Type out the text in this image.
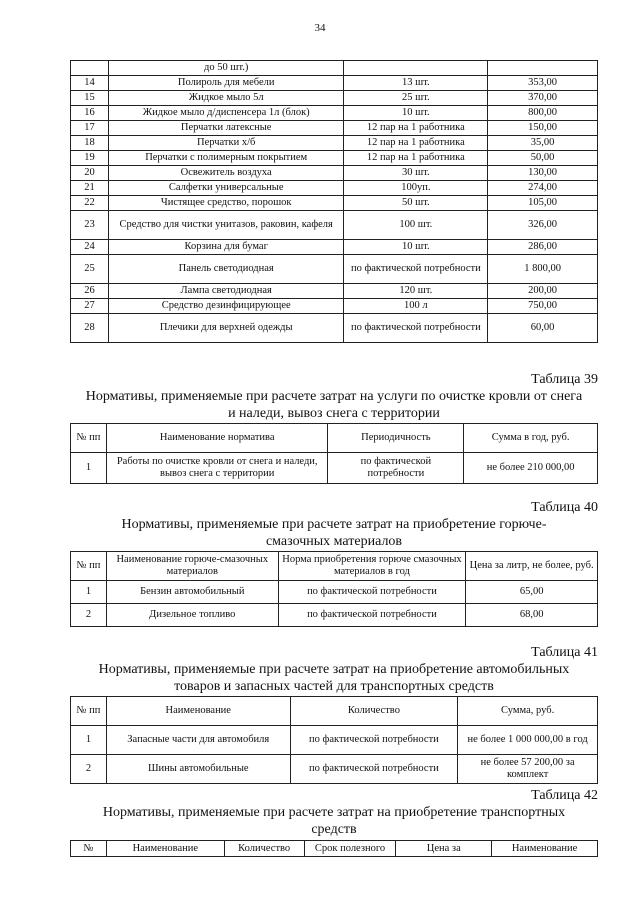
34
	до 50 шт.)		
14	Полироль для мебели	13 шт.	353,00
15	Жидкое мыло 5л	25 шт.	370,00
16	Жидкое мыло д/диспенсера 1л (блок)	10 шт.	800,00
17	Перчатки латексные	12 пар на 1 работника	150,00
18	Перчатки х/б	12 пар на 1 работника	35,00
19	Перчатки с полимерным покрытием	12 пар на 1 работника	50,00
20	Освежитель воздуха	30 шт.	130,00
21	Салфетки универсальные	100уп.	274,00
22	Чистящее средство, порошок	50 шт.	105,00
23	Средство для чистки унитазов, раковин, кафеля	100 шт.	326,00
24	Корзина для бумаг	10 шт.	286,00
25	Панель светодиодная	по фактической потребности	1 800,00
26	Лампа светодиодная	120 шт.	200,00
27	Средство дезинфицирующее	100 л	750,00
28	Плечики для верхней одежды	по фактической потребности	60,00
Таблица 39
Нормативы, применяемые при расчете затрат на услуги по очистке кровли от снега и наледи, вывоз снега с территории
№ пп	Наименование норматива	Периодичность	Сумма в год, руб.
1	Работы по очистке кровли от снега и наледи, вывоз снега с территории	по фактической потребности	не более 210 000,00
Таблица 40
Нормативы, применяемые при расчете затрат на приобретение горюче-смазочных материалов
№ пп	Наименование горюче-смазочных материалов	Норма приобретения горюче смазочных материалов в год	Цена за литр, не более, руб.
1	Бензин автомобильный	по фактической потребности	65,00
2	Дизельное топливо	по фактической потребности	68,00
Таблица 41
Нормативы, применяемые при расчете затрат на приобретение автомобильных товаров и запасных частей для транспортных средств
№ пп	Наименование	Количество	Сумма, руб.
1	Запасные части для автомобиля	по фактической потребности	не более 1 000 000,00 в год
2	Шины автомобильные	по фактической потребности	не более 57 200,00 за комплект
Таблица 42
Нормативы, применяемые при расчете затрат на приобретение транспортных средств
№	Наименование	Количество	Срок полезного	Цена за	Наименование
